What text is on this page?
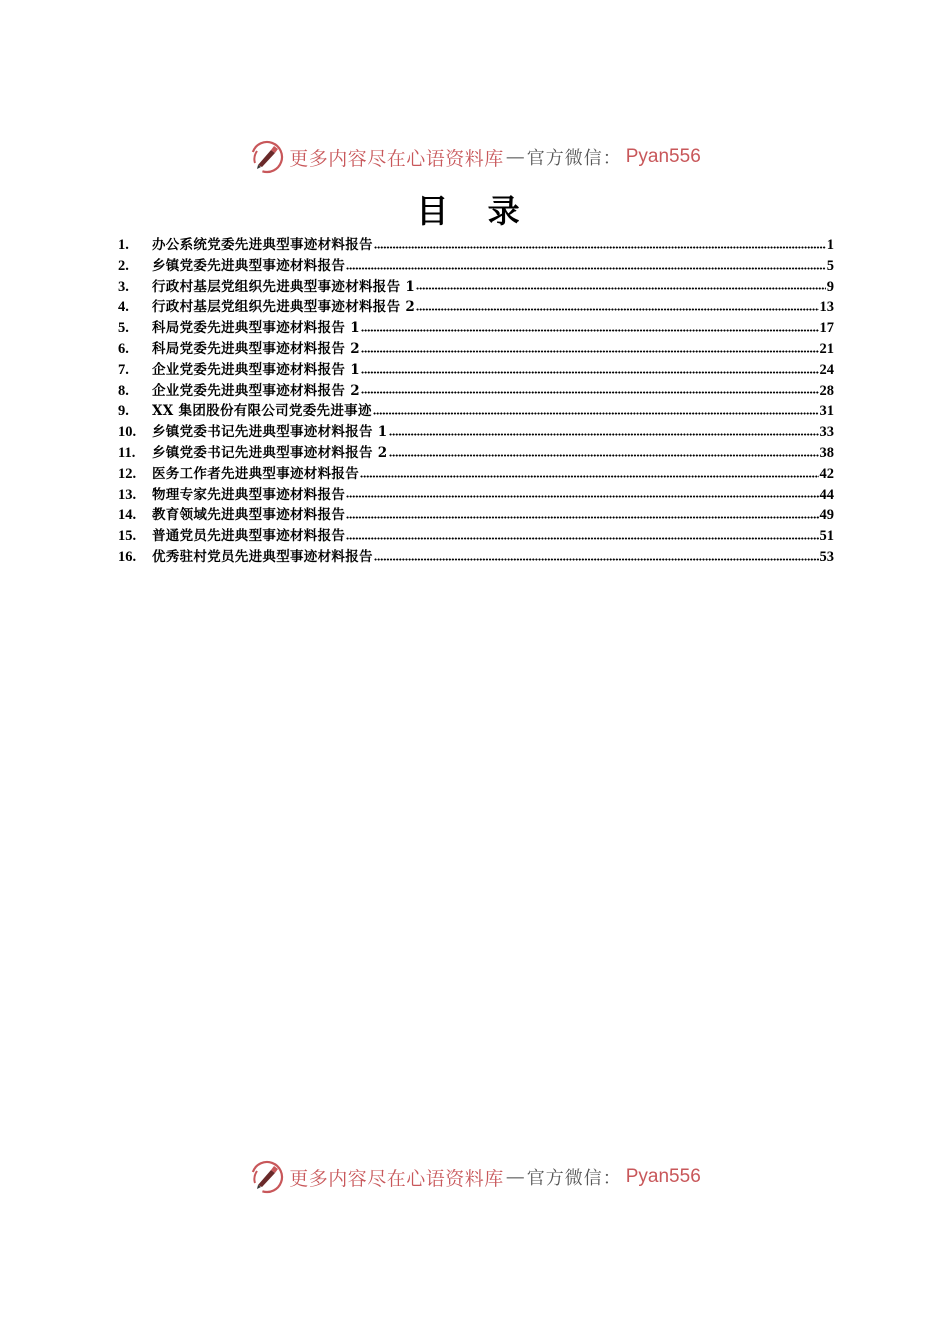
更多内容尽在心语资料库 — 官方微信： Pyan556
目 录
1.	办公系统党委先进典型事迹材料报告	1
2.	乡镇党委先进典型事迹材料报告	5
3.	行政村基层党组织先进典型事迹材料报告 1	9
4.	行政村基层党组织先进典型事迹材料报告 2	13
5.	科局党委先进典型事迹材料报告 1	17
6.	科局党委先进典型事迹材料报告 2	21
7.	企业党委先进典型事迹材料报告 1	24
8.	企业党委先进典型事迹材料报告 2	28
9.	XX 集团股份有限公司党委先进事迹	31
10.	乡镇党委书记先进典型事迹材料报告 1	33
11.	乡镇党委书记先进典型事迹材料报告 2	38
12.	医务工作者先进典型事迹材料报告	42
13.	物理专家先进典型事迹材料报告	44
14.	教育领域先进典型事迹材料报告	49
15.	普通党员先进典型事迹材料报告	51
16.	优秀驻村党员先进典型事迹材料报告	53
更多内容尽在心语资料库 — 官方微信： Pyan556
